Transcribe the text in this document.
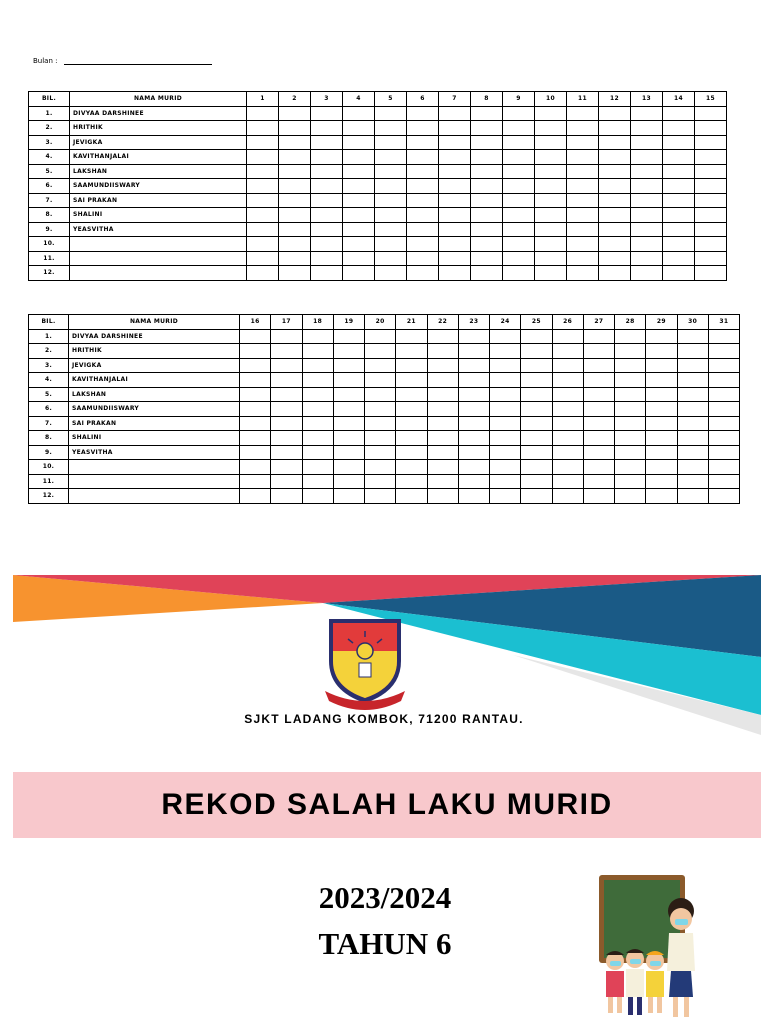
Bulan :
BIL.	NAMA MURID	1	2	3	4	5	6	7	8	9	10	11	12	13	14	15
1.	DIVYAA DARSHINEE															
2.	HRITHIK															
3.	JEVIGKA															
4.	KAVITHANJALAI															
5.	LAKSHAN															
6.	SAAMUNDIISWARY															
7.	SAI PRAKAN															
8.	SHALINI															
9.	YEASVITHA															
10.																
11.																
12.																
BIL.	NAMA MURID	16	17	18	19	20	21	22	23	24	25	26	27	28	29	30	31
1.	DIVYAA DARSHINEE																
2.	HRITHIK																
3.	JEVIGKA																
4.	KAVITHANJALAI																
5.	LAKSHAN																
6.	SAAMUNDIISWARY																
7.	SAI PRAKAN																
8.	SHALINI																
9.	YEASVITHA																
10.																	
11.																	
12.																	
SJKT LADANG KOMBOK, 71200 RANTAU.
REKOD SALAH LAKU MURID
2023/2024
TAHUN 6
